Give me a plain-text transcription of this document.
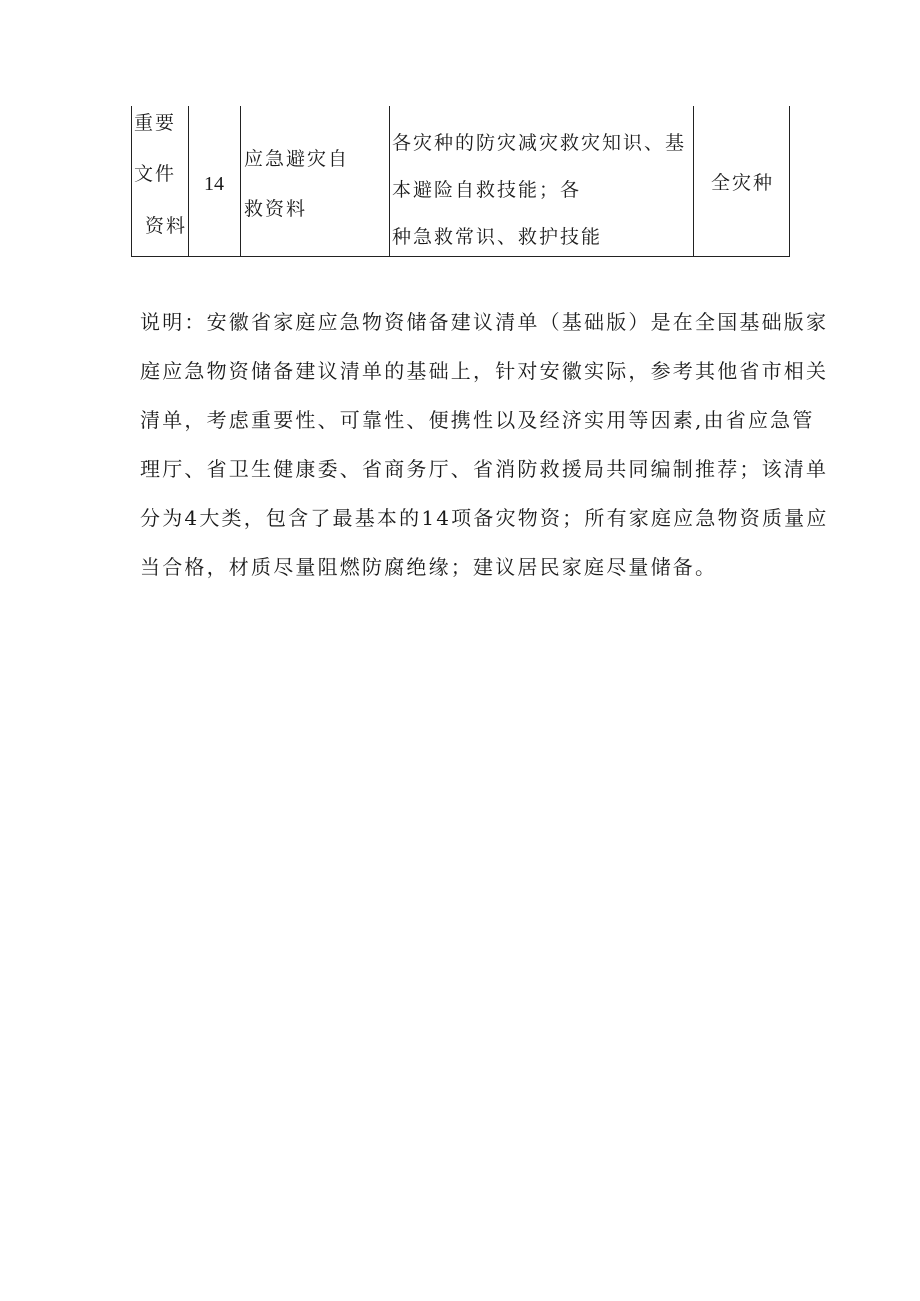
重要
文件
资料
14
应急避灾自
救资料
各灾种的防灾减灾救灾知识、基
本避险自救技能；各
种急救常识、救护技能
全灾种
说明：安徽省家庭应急物资储备建议清单（基础版）是在全国基础版家
庭应急物资储备建议清单的基础上，针对安徽实际，参考其他省市相关
清单，考虑重要性、可靠性、便携性以及经济实用等因素,由省应急管
理厅、省卫生健康委、省商务厅、省消防救援局共同编制推荐；该清单
分为4大类，包含了最基本的14项备灾物资；所有家庭应急物资质量应
当合格，材质尽量阻燃防腐绝缘；建议居民家庭尽量储备。
